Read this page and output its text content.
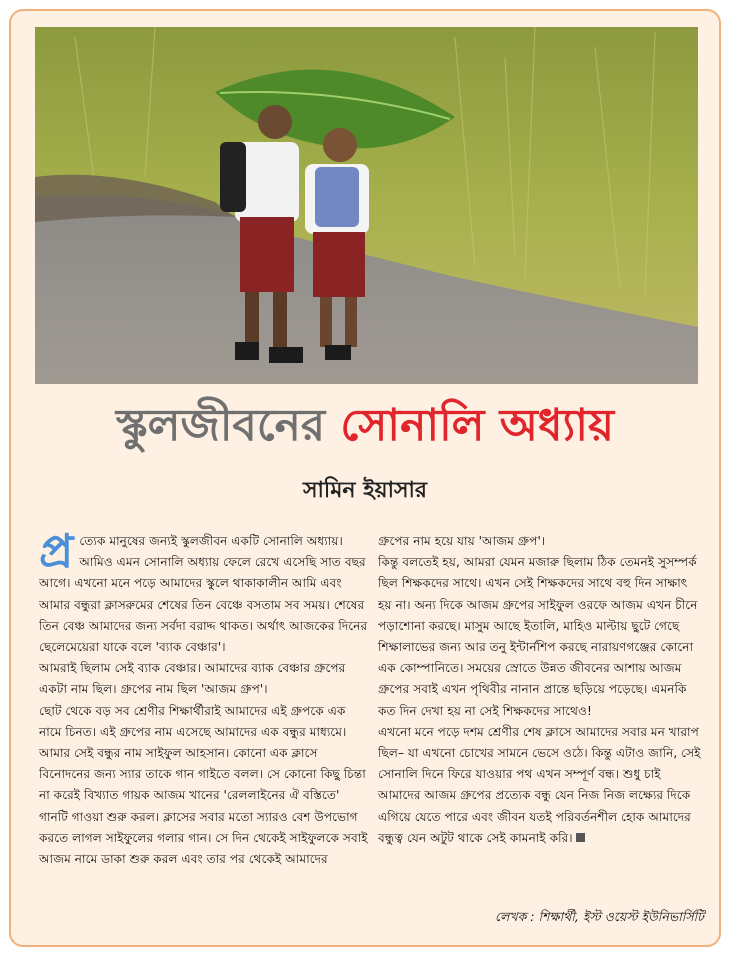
স্কুলজীবনের সোনালি অধ্যায়
সামিন ইয়াসার

প্র ত্যেক মানুষের জন্যই স্কুলজীবন একটি সোনালি অধ্যায়। আমিও এমন সোনালি অধ্যায় ফেলে রেখে এসেছি সাত বছর আগে। এখনো মনে পড়ে আমাদের স্কুলে থাকাকালীন আমি এবং আমার বন্ধুরা ক্লাসরুমের শেষের তিন বেঞ্চে বসতাম সব সময়। শেষের তিন বেঞ্চ আমাদের জন্য সর্বদা বরাদ্দ থাকত। অর্থাৎ আজকের দিনের ছেলেমেয়েরা যাকে বলে 'ব্যাক বেঞ্চার'।

আমরাই ছিলাম সেই ব্যাক বেঞ্চার। আমাদের ব্যাক বেঞ্চার গ্রুপের একটা নাম ছিল। গ্রুপের নাম ছিল 'আজম গ্রুপ'।

ছোট থেকে বড় সব শ্রেণীর শিক্ষার্থীরাই আমাদের এই গ্রুপকে এক নামে চিনত। এই গ্রুপের নাম এসেছে আমাদের এক বন্ধুর মাধ্যমে। আমার সেই বন্ধুর নাম সাইফুল আহসান। কোনো এক ক্লাসে বিনোদনের জন্য স্যার তাকে গান গাইতে বলল। সে কোনো কিছু চিন্তা না করেই বিখ্যাত গায়ক আজম খানের 'রেললাইনের ঐ বস্তিতে' গানটি গাওয়া শুরু করল। ক্লাসের সবার মতো স্যারও বেশ উপভোগ করতে লাগল সাইফুলের গলার গান। সে দিন থেকেই সাইফুলকে সবাই আজম নামে ডাকা শুরু করল এবং তার পর থেকেই আমাদের

গ্রুপের নাম হয়ে যায় 'আজম গ্রুপ'।

কিন্তু বলতেই হয়, আমরা যেমন মজারু ছিলাম ঠিক তেমনই সুসম্পর্ক ছিল শিক্ষকদের সাথে। এখন সেই শিক্ষকদের সাথে বহু দিন সাক্ষাৎ হয় না। অন্য দিকে আজম গ্রুপের সাইফুল ওরফে আজম এখন চীনে পড়াশোনা করছে। মাসুম আছে ইতালি, মাহিও মাল্টায় ছুটে গেছে শিক্ষালাভের জন্য আর তনু ইন্টার্নশিপ করছে নারায়ণগঞ্জের কোনো এক কোম্পানিতে। সময়ের স্রোতে উন্নত জীবনের আশায় আজম গ্রুপের সবাই এখন পৃথিবীর নানান প্রান্তে ছড়িয়ে পড়েছে। এমনকি কত দিন দেখা হয় না সেই শিক্ষকদের সাথেও!

এখনো মনে পড়ে দশম শ্রেণীর শেষ ক্লাসে আমাদের সবার মন খারাপ ছিল– যা এখনো চোখের সামনে ভেসে ওঠে। কিন্তু এটাও জানি, সেই সোনালি দিনে ফিরে যাওয়ার পথ এখন সম্পূর্ণ বন্ধ। শুধু চাই আমাদের আজম গ্রুপের প্রত্যেক বন্ধু যেন নিজ নিজ লক্ষ্যের দিকে এগিয়ে যেতে পারে এবং জীবন যতই পরিবর্তনশীল হোক আমাদের বন্ধুত্ব যেন অটুট থাকে সেই কামনাই করি।

লেখক : শিক্ষার্থী, ইস্ট ওয়েস্ট ইউনিভার্সিটি
